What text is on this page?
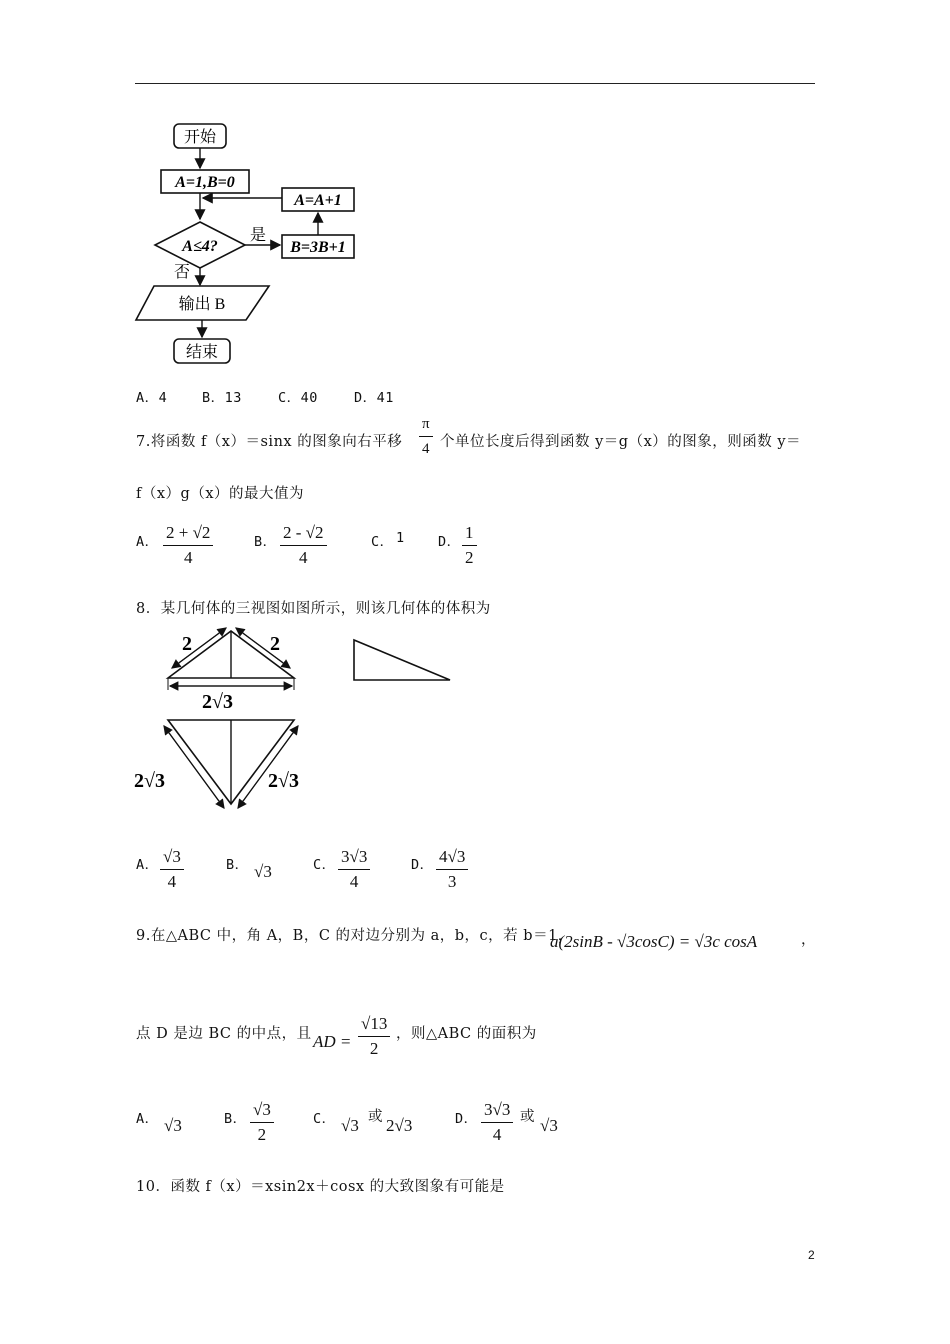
开始
A=1,B=0
A=A+1
A≤4?
是
B=3B+1
否
输出 B
结束
A．4	B．13	C．40	D．41
7.将函数 f（x）＝sinx 的图象向右平移 $\frac{\pi}{4}$ 个单位长度后得到函数 y＝g（x）的图象，则函数 y＝
f（x）g（x）的最大值为
A． $\frac{2 + √2}{4}$	B． $\frac{2 - √2}{4}$	C． 1 D． $\frac{1}{2}$
8．某几何体的三视图如图所示，则该几何体的体积为
2	2
2√3
2√3	2√3
A． $\frac{√3}{4}$	B． √3	C． $\frac{3√3}{4}$	D． $\frac{4√3}{3}$
9.在△ABC 中，角 A，B，C 的对边分别为 a，b，c，若 b＝1，
a(2sinB - √3cosC) = √3c cosA	，
点 D 是边 BC 的中点，且 AD = $\frac{√13}{2}$ ，则△ABC 的面积为
A． √3	B． $\frac{√3}{2}$	C． √3 或 2√3	D． $\frac{3√3}{4}$ 或 √3
10．函数 f（x）＝xsin2x＋cosx 的大致图象有可能是
2
